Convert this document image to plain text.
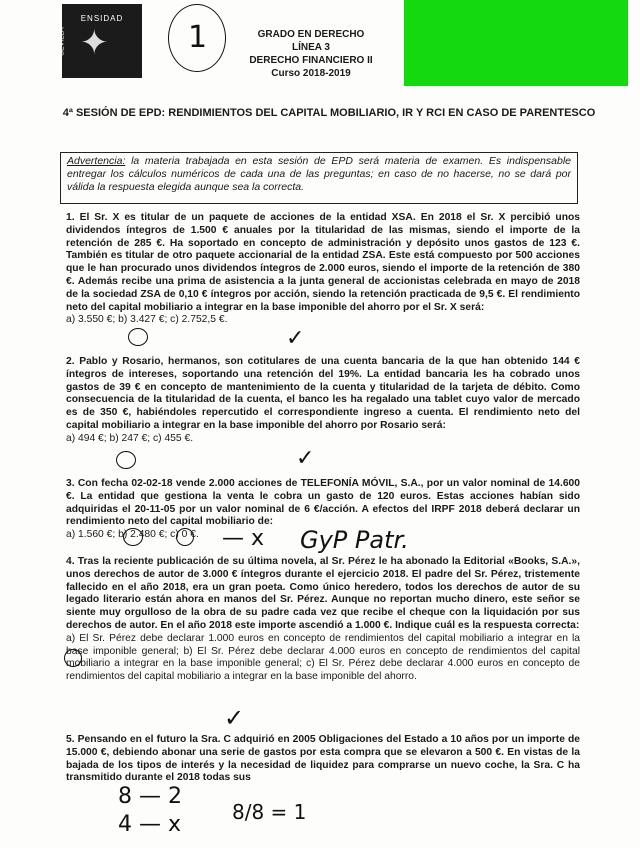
ENSIDAD
SEVILLA ✦	1	GRADO EN DERECHO
LÍNEA 3
DERECHO FINANCIERO II
Curso 2018-2019
4ª SESIÓN DE EPD: RENDIMIENTOS DEL CAPITAL MOBILIARIO, IR Y RCI EN CASO DE PARENTESCO
Advertencia: la materia trabajada en esta sesión de EPD será materia de examen. Es indispensable entregar los cálculos numéricos de cada una de las preguntas; en caso de no hacerse, no se dará por válida la respuesta elegida aunque sea la correcta.
1. El Sr. X es titular de un paquete de acciones de la entidad XSA. En 2018 el Sr. X percibió unos dividendos íntegros de 1.500 € anuales por la titularidad de las mismas, siendo el importe de la retención de 285 €. Ha soportado en concepto de administración y depósito unos gastos de 123 €. También es titular de otro paquete accionarial de la entidad ZSA. Este está compuesto por 500 acciones que le han procurado unos dividendos íntegros de 2.000 euros, siendo el importe de la retención de 380 €. Además recibe una prima de asistencia a la junta general de accionistas celebrada en mayo de 2018 de la sociedad ZSA de 0,10 € íntegros por acción, siendo la retención practicada de 9,5 €. El rendimiento neto del capital mobiliario a integrar en la base imponible del ahorro por el Sr. X será:
a) 3.550 €; b) 3.427 €; c) 2.752,5 €.
2. Pablo y Rosario, hermanos, son cotitulares de una cuenta bancaria de la que han obtenido 144 € íntegros de intereses, soportando una retención del 19%. La entidad bancaria les ha cobrado unos gastos de 39 € en concepto de mantenimiento de la cuenta y titularidad de la tarjeta de débito. Como consecuencia de la titularidad de la cuenta, el banco les ha regalado una tablet cuyo valor de mercado es de 350 €, habiéndoles repercutido el correspondiente ingreso a cuenta. El rendimiento neto del capital mobiliario a integrar en la base imponible del ahorro por Rosario será:
a) 494 €; b) 247 €; c) 455 €.
3. Con fecha 02-02-18 vende 2.000 acciones de TELEFONÍA MÓVIL, S.A., por un valor nominal de 14.600 €. La entidad que gestiona la venta le cobra un gasto de 120 euros. Estas acciones habían sido adquiridas el 20-11-05 por un valor nominal de 6 €/acción. A efectos del IRPF 2018 deberá declarar un rendimiento neto del capital mobiliario de:
a) 1.560 €; b) 2.480 €; c) 0 €.
4. Tras la reciente publicación de su última novela, al Sr. Pérez le ha abonado la Editorial «Books, S.A.», unos derechos de autor de 3.000 € íntegros durante el ejercicio 2018. El padre del Sr. Pérez, tristemente fallecido en el año 2018, era un gran poeta. Como único heredero, todos los derechos de autor de su legado literario están ahora en manos del Sr. Pérez. Aunque no reportan mucho dinero, este señor se siente muy orgulloso de la obra de su padre cada vez que recibe el cheque con la liquidación por sus derechos de autor. En el año 2018 este importe ascendió a 1.000 €. Indique cuál es la respuesta correcta:
a) El Sr. Pérez debe declarar 1.000 euros en concepto de rendimientos del capital mobiliario a integrar en la base imponible general; b) El Sr. Pérez debe declarar 4.000 euros en concepto de rendimientos del capital mobiliario a integrar en la base imponible general; c) El Sr. Pérez debe declarar 4.000 euros en concepto de rendimientos del capital mobiliario a integrar en la base imponible del ahorro.
5. Pensando en el futuro la Sra. C adquirió en 2005 Obligaciones del Estado a 10 años por un importe de 15.000 €, debiendo abonar una serie de gastos por esta compra que se elevaron a 500 €. En vistas de la bajada de los tipos de interés y la necesidad de liquidez para comprarse un nuevo coche, la Sra. C ha transmitido durante el 2018 todas sus
✓
✓
— x GyP Patr.
✓
8 — 2
4 — x	8/8 = 1
